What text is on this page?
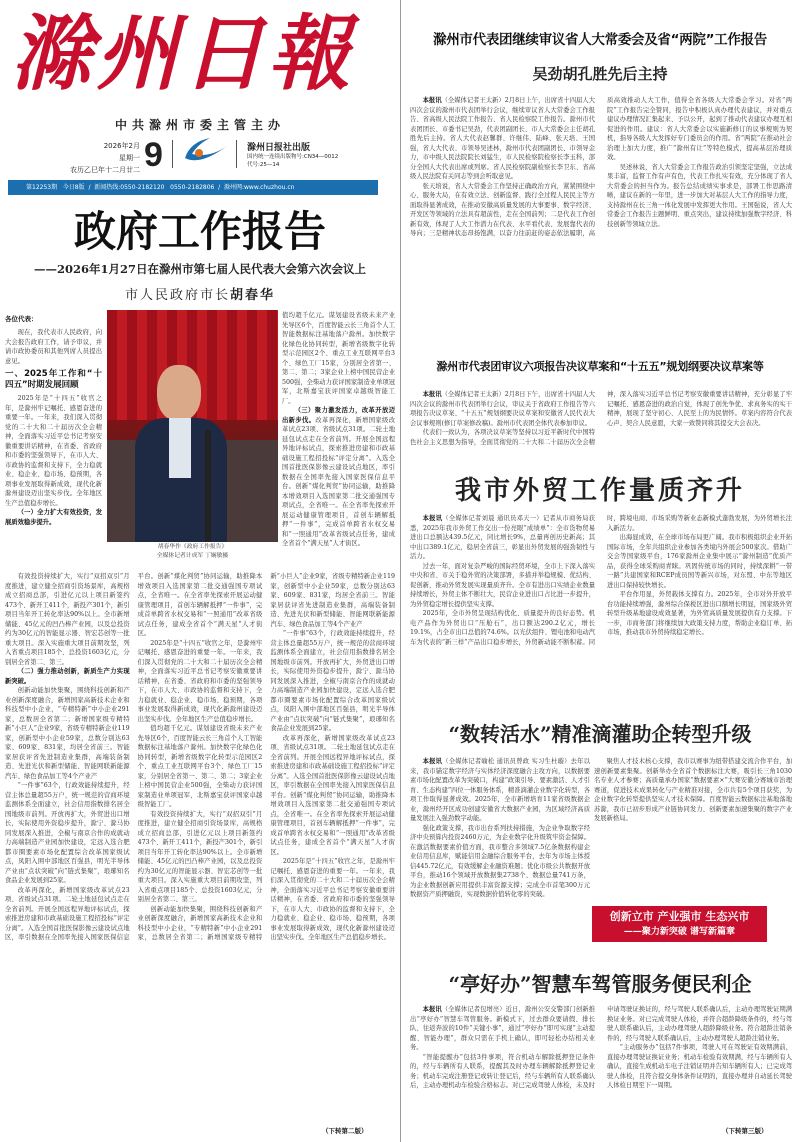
滁州日報
中共滁州市委主管主办
2026年2月
星期一
农历乙巳年十二月廿二 9	滁州日报社出版
国内统一连续出版物号:CN34—0012
代号:25—14
第12253期   今日8版  /  新闻热线:0550-2182120   0550-2182806  /  滁州网:www.chuzhou.cn
政府工作报告
——2026年1月27日在滁州市第七届人民代表大会第六次会议上
市人民政府市长胡春华
各位代表：

现在，我代表市人民政府，向大会报告政府工作，请予审议，并请市政协委员和其他列席人员提出意见。

一、2025年工作和“十四五”时期发展回顾

2025年是“十四五”收官之年，是滁州牢记嘱托、感恩奋进的重要一年。一年来，我们深入贯彻党的二十大和二十届历次全会精神，全面落实习近平总书记考察安徽重要讲话精神，在省委、省政府和市委的坚强领导下，在市人大、市政协的监督和支持下，全力稳就业、稳企业、稳市场、稳预期，各项事业发展取得新成效，现代化新滁州建设迈出坚实步伐。全年地区生产总值稳步增长。

（一）全力扩大有效投资，发展质效稳步提升。

胡春华作《政府工作报告》
全媒体记者计成军 丁娴敏摄

值均超千亿元。谋划建设省级未来产业先导区6个，百度智能云长三角首个人工智能数据标注基地落户滁州。加快数字化绿色化协同转型，新增省级数字化转型示范园区2个、重点工业互联网平台3个、绿色工厂15家，分别居全省第一、第二、第二；3家企业上榜中国民营企业500强，全柴动力获评国家制造业单项冠军，北斯嘉宝获评国家卓越级智能工厂。

（三）聚力激发活力，改革开放迈出新步伐。改革再深化，新增国家级改革试点23项、省级试点31项。二轮土地延包试点走在全省前列。开展全国远程异地评标试点，探索推进房建和市政基础设施工程招投标“评定分离”。入选全国首批医保影像云建设试点地区，率引数据在全国率先接入国家医保信息平台。创新“煤化判贸”协同运输，助推降本增效项目入选国家第二批交通强国专项试点，全省唯一。在全省率先探索开展运动健康管理项目，首创车辆解抵押“一件事”，完成首单跨省水权交易和“一照通用”改革省级试点任务，建成全省首个“满天星”人才街区。

有效投资持续扩大，实行“双招双引”月度推进，建立健全招商引资场景库，高规格成立招商总部，引进亿元以上项目新签约473个、新开工411个，新投产301个，新引项目当年开工转化率达90%以上。全市新增储能、45亿元的凹凸棒产业园，以及总投资约为30亿元的智能显示器、智宏芯创等一批重大项目。深入实施重大项目前期攻坚，列入省重点项目185个、总投资1603亿元，分别居全省第二、第三。

（二）强力推动创新，新质生产力实现新突破。

创新动能加快集聚，围绕科技创新和产业创新深度融合，新增国家高新技术企业和科技型中小企业，“专精特新”中小企业291家，总数居全省第二；新增国家级专精特新“小巨人”企业9家，省级专精特新企业119家，创新型中小企业59家，总数分别达63家、609家、831家，均居全省前三。智能家居获评省先进制造业集群，高端装备制造、先进光伏和新型储能、智能网联新能源汽车、绿色食品加工等4个产业产

“一件事”63个，行政效能持续提升，经营主体总量超55万户，统一规范的营商环境监测体系全面建立，社会信用指数排名居全国地级市前列。开放再扩大，外贸进出口增长，实际使用外资稳步提升，滁宁、滁马协同发展深入推进，全椒与南京合作的成就动力高端制造产业园加快建设，定远入选合肥都市圈要素市场化配置综合改革国家级试点，凤阳入围中部地区百强县，明光半导体产业由“点状突破”向“链式集聚”，琅琊知名食品企业发展到25家。

改革再深化，新增国家级改革试点23项、省级试点31项。二轮土地延包试点走在全省前列。开展全国远程异地评标试点，探索推进房建和市政基础设施工程招投标“评定分离”。入选全国首批医保影像云建设试点地区，率引数据在全国率先接入国家医保信息平台。创新“煤化判贸”协同运输，助推降本增效项目入选国家第二批交通强国专项试点，全省唯一。在全省率先探索开展运动健康管理项目，首创车辆解抵押“一件事”，完成首单跨省水权交易和“一照通用”改革省级试点任务，建成全省首个“满天星”人才街区。

2025年是“十四五”收官之年，是滁州牢记嘱托、感恩奋进的重要一年。一年来，我们深入贯彻党的二十大和二十届历次全会精神，全面落实习近平总书记考察安徽重要讲话精神，在省委、省政府和市委的坚强领导下，在市人大、市政协的监督和支持下，全力稳就业、稳企业、稳市场、稳预期，各项事业发展取得新成效，现代化新滁州建设迈出坚实步伐。全年地区生产总值稳步增长。

值均超千亿元。谋划建设省级未来产业先导区6个，百度智能云长三角首个人工智能数据标注基地落户滁州。加快数字化绿色化协同转型，新增省级数字化转型示范园区2个、重点工业互联网平台3个、绿色工厂15家，分别居全省第一、第二、第二；3家企业上榜中国民营企业500强，全柴动力获评国家制造业单项冠军，北斯嘉宝获评国家卓越级智能工厂。

有效投资持续扩大，实行“双招双引”月度推进，建立健全招商引资场景库，高规格成立招商总部，引进亿元以上项目新签约473个、新开工411个，新投产301个，新引项目当年开工转化率达90%以上。全市新增储能、45亿元的凹凸棒产业园，以及总投资约为30亿元的智能显示器、智宏芯创等一批重大项目。深入实施重大项目前期攻坚，列入省重点项目185个、总投资1603亿元，分别居全省第二、第三。

创新动能加快集聚，围绕科技创新和产业创新深度融合，新增国家高新技术企业和科技型中小企业，“专精特新”中小企业291家，总数居全省第二；新增国家级专精特新“小巨人”企业9家，省级专精特新企业119家，创新型中小企业59家，总数分别达63家、609家、831家，均居全省前三。智能家居获评省先进制造业集群，高端装备制造、先进光伏和新型储能、智能网联新能源汽车、绿色食品加工等4个产业产

“一件事”63个，行政效能持续提升，经营主体总量超55万户，统一规范的营商环境监测体系全面建立，社会信用指数排名居全国地级市前列。开放再扩大，外贸进出口增长，实际使用外资稳步提升，滁宁、滁马协同发展深入推进，全椒与南京合作的成就动力高端制造产业园加快建设，定远入选合肥都市圈要素市场化配置综合改革国家级试点，凤阳入围中部地区百强县，明光半导体产业由“点状突破”向“链式集聚”，琅琊知名食品企业发展到25家。

改革再深化，新增国家级改革试点23项、省级试点31项。二轮土地延包试点走在全省前列。开展全国远程异地评标试点，探索推进房建和市政基础设施工程招投标“评定分离”。入选全国首批医保影像云建设试点地区，率引数据在全国率先接入国家医保信息平台。创新“煤化判贸”协同运输，助推降本增效项目入选国家第二批交通强国专项试点，全省唯一。在全省率先探索开展运动健康管理项目，首创车辆解抵押“一件事”，完成首单跨省水权交易和“一照通用”改革省级试点任务，建成全省首个“满天星”人才街区。

2025年是“十四五”收官之年，是滁州牢记嘱托、感恩奋进的重要一年。一年来，我们深入贯彻党的二十大和二十届历次全会精神，全面落实习近平总书记考察安徽重要讲话精神，在省委、省政府和市委的坚强领导下，在市人大、市政协的监督和支持下，全力稳就业、稳企业、稳市场、稳预期，各项事业发展取得新成效，现代化新滁州建设迈出坚实步伐。全年地区生产总值稳步增长。

（下转第二版）
滁州市代表团继续审议省人大常委会及省“两院”工作报告
吴劲胡孔胜先后主持

本报讯（全媒体记者王太新）2月8日上午，出席省十四届人大四次会议的滁州市代表团举行会议，继续审议省人大常委会工作报告、省高级人民法院工作报告、省人民检察院工作报告。滁州市代表团团长、市委书记吴劲，代表团副团长、市人大常委会主任胡孔胜先后主持。省人大代表赵馨群、许继伟、陆峰、张天培、王国强，省人大代表、市领导吴述林，滁州市代表团副团长、市领导金力，市中级人民法院院长刘猛生，市人民检察院检察长李玉科，部分全国人大代表出席或列席。省人民检察院副检察长李卫东、省高级人民法院有关同志等到会听取意见。

张天培说，省人大常委会工作坚持正确政治方向，紧紧围绕中心、服务大局，在有效立法、创新监督、践行全过程人民民主等方面取得显著成效，在推动安徽高质量发展的大事要事、数字经济、开发区等领域的立法具有超前性，走在全国前列；二是代表工作创新有效，体现了人大工作潜力在代表、水平看代表、发展靠代表的导向；三是精神状态昂扬饱满，以奋力往前赶的姿态依法履职，高质高效推动人大工作，值得全省各级人大常委会学习。对省“两院”工作报告完全赞同，报告中积极认真办理代表建议，并对重点建议办理情况汇集起来、予以公开，起到了推动代表建议办理互相促进的作用。建议：省人大常委会以实施新修订的议事规则为契机，指导各级人大发挥好专门委员会的作用。省“两院”在推动社会治理上加大力度，推广“滁州有让”等特色模式，提高基层治理质效。

吴述林说，省人大常委会工作报告政治引领坚定坚强，立法成果丰富，监督工作有声有色，代表工作扎实有效，充分体现了省人大常委会的担当作为。报告总结成绩实事求是，部署工作思路清晰，建议在新的一年里，进一步加大对基层人大工作的指导力度，支持滁州在长三角一体化发展中发挥更大作用。王国强说，省人大常委会工作报告主题鲜明、重点突出，建议持续加强数字经济、科技创新等领域立法。

滁州市代表团审议六项报告决议草案和“十五五”规划纲要决议草案等

本报讯（全媒体记者王太新）2月8日下午，出席省十四届人大四次会议的滁州市代表团举行会议，审议关于省政府工作报告等六项报告决议草案、“十五五”规划纲要决议草案和安徽省人民代表大会议事规则(修订草案修改稿)。滁州市代表团全体代表参加审议。

代表们一致认为，各项决议草案等坚持以习近平新时代中国特色社会主义思想为指导，全面贯彻党的二十大和二十届历次全会精神，深入落实习近平总书记考察安徽重要讲话精神，充分彰显了牢记嘱托、感恩奋进的政治自觉，体现了创先争优、求真务实的实干精神，展现了坚守初心、人民至上的为民情怀。草案内容符合代表心声、契合人民意愿，大家一致赞同将其提交大会表决。

我市外贸工作量质齐升

本报讯（全媒体记者刘晨 通讯员邓天一）记者从市商务局获悉，2025年我市外贸工作交出一份亮眼“成绩单”：全市货物贸易进出口总额达439.5亿元，同比增长9%，总量再创历史新高；其中出口389.1亿元，稳居全省前三，彰显出外贸发展的强劲韧性与活力。

过去一年，面对复杂严峻的国际经贸环境，全市上下深入落实中央和省、市关于稳外贸的决策部署，多措并举稳规模、优结构、促创新，推动外贸发展实现量质齐升。全市有进出口实绩企业数量持续增长，外贸主体不断壮大，民营企业进出口占比进一步提升，为外贸稳定增长提供坚实支撑。

2025年，全市外贸呈现结构优化、质量提升的良好态势。机电产品作为外贸出口“压舱石”，出口额达290.2亿元，增长19.1%，占全市出口总值的74.6%。以光伏组件、锂电池和电动汽车为代表的“新三样”产品出口稳步增长，外贸新动能不断积蓄。同时，跨境电商、市场采购等新业态新模式蓬勃发展，为外贸增长注入新活力。

出海显成效，在全球市场布局更广阔。我市积极组织企业开拓国际市场，全年共组织企业参加各类境内外展会500家次。借助广交会等国家级平台，176家滁州企业集中展示“滁州制造”优质产品，获得全球采购商青睐。巩固传统市场的同时，持续深耕“一带一路”共建国家和RCEP成员国等新兴市场，对东盟、中东等地区进出口保持较快增长。

平台作用显，外贸载体支撑有力。2025年，全市对外开放平台功能持续增强，滁州综合保税区进出口额增长明显，国家级外贸转型升级基地建设成效显著，为外贸高质量发展提供有力支撑。下一步，市商务部门将继续加大政策支持力度，帮助企业稳订单、拓市场，推动我市外贸持续稳定增长。

“数转活水”精准滴灌助企转型升级

本报讯（全媒体记者喻松 通讯员曾政 实习生杜璇）去年以来，我市锚定数字经济与实体经济深度融合主攻方向，以数据要素市场化配置改革为突破口，构建“政策引导、要素激活、人才引育、生态构建”四位一体服务体系，精准滴灌企业数字化转型，各项工作取得显著成效。2025年，全市新增培育11家省级数据企业，滁州经开区成功创建安徽省大数据产业园，为区域经济高质量发展注入强劲数字动能。

强化政策支撑，我市出台系列扶持措施，为企业争取数字经济中央预算内投资2460万元，为企业数字化升级筑牢资金保障。在激活数据要素价值方面，我市整合多领域7.5亿条数据构建企业信用信息库，赋能信用金融综合服务平台，去年为市场主体授信445.72亿元，有效缓解企业融资难题；优化市级公共数据开放平台，推动16个领域开放数据集2738个、数据总量741万条，为企业数据创新应用提供丰富资源支撑；完成全市首笔300万元数据资产质押融资，实现数据价值转化零的突破。

聚焦人才技术核心支撑，我市以赛事为纽带搭建交流合作平台，加速创新要素集聚。创新举办全省首个数据标注大赛，吸引长三角1030名专业人才参赛；高质量承办国家“数据要素×”大赛安徽分赛城市治理赛道，促进技术成果转化与产业精准对接，全市共有5个项目获奖，为企业数字化转型提供坚实人才技术保障。百度智能云数据标注基地落地苏滁，我市已初步形成产业链协同发力、创新要素加速集聚的数字产业发展新格局。

创新立市 产业强市 生态兴市
——聚力新突破 谱写新篇章
“亭好办”智慧车驾管服务便民利企

本报讯（全媒体记者包增亮）近日，滁州公安交警部门创新推出“亭好办”智慧车驾管服务。新模式下，过去群众要请假、排长队、往返奔波的10件“关键小事”，通过“亭好办”即可实现“主动提醒、智能办理”，群众只需在手机上确认，即可轻松办结相关业务。

“智能提醒办”包括3件事项，符合机动车解除抵押登记条件的，经与车辆所有人联系，提醒其及时办理车辆解除抵押登记业务；机动车完成注册登记或转让登记后，经与车辆所有人联系确认后，主动办理机动车检验合格标志。对已完成驾驶人体检，未及时申请驾驶证换证的，经与驾驶人联系确认后，主动办理驾驶证期满换证业务。对已完成驾驶人体检，并符合超龄降级条件的，经与驾驶人联系确认后，主动办理驾驶人超龄降级业务。符合超龄注销条件的，经与驾驶人联系确认后，主动办理驾驶人超龄注销业务。

“主动服务办”包括7件事项，驾驶人可在驾驶证有效期满前，直接办理驾驶证换证业务；机动车检验有效期满，经与车辆所有人确认，直接生成机动车电子注销证明并告知车辆所有人；已完成驾驶人体检，且符合提交身体条件证明的，直接办理并自动延长驾驶人体检日期至下一周期。

（下转第三版）
